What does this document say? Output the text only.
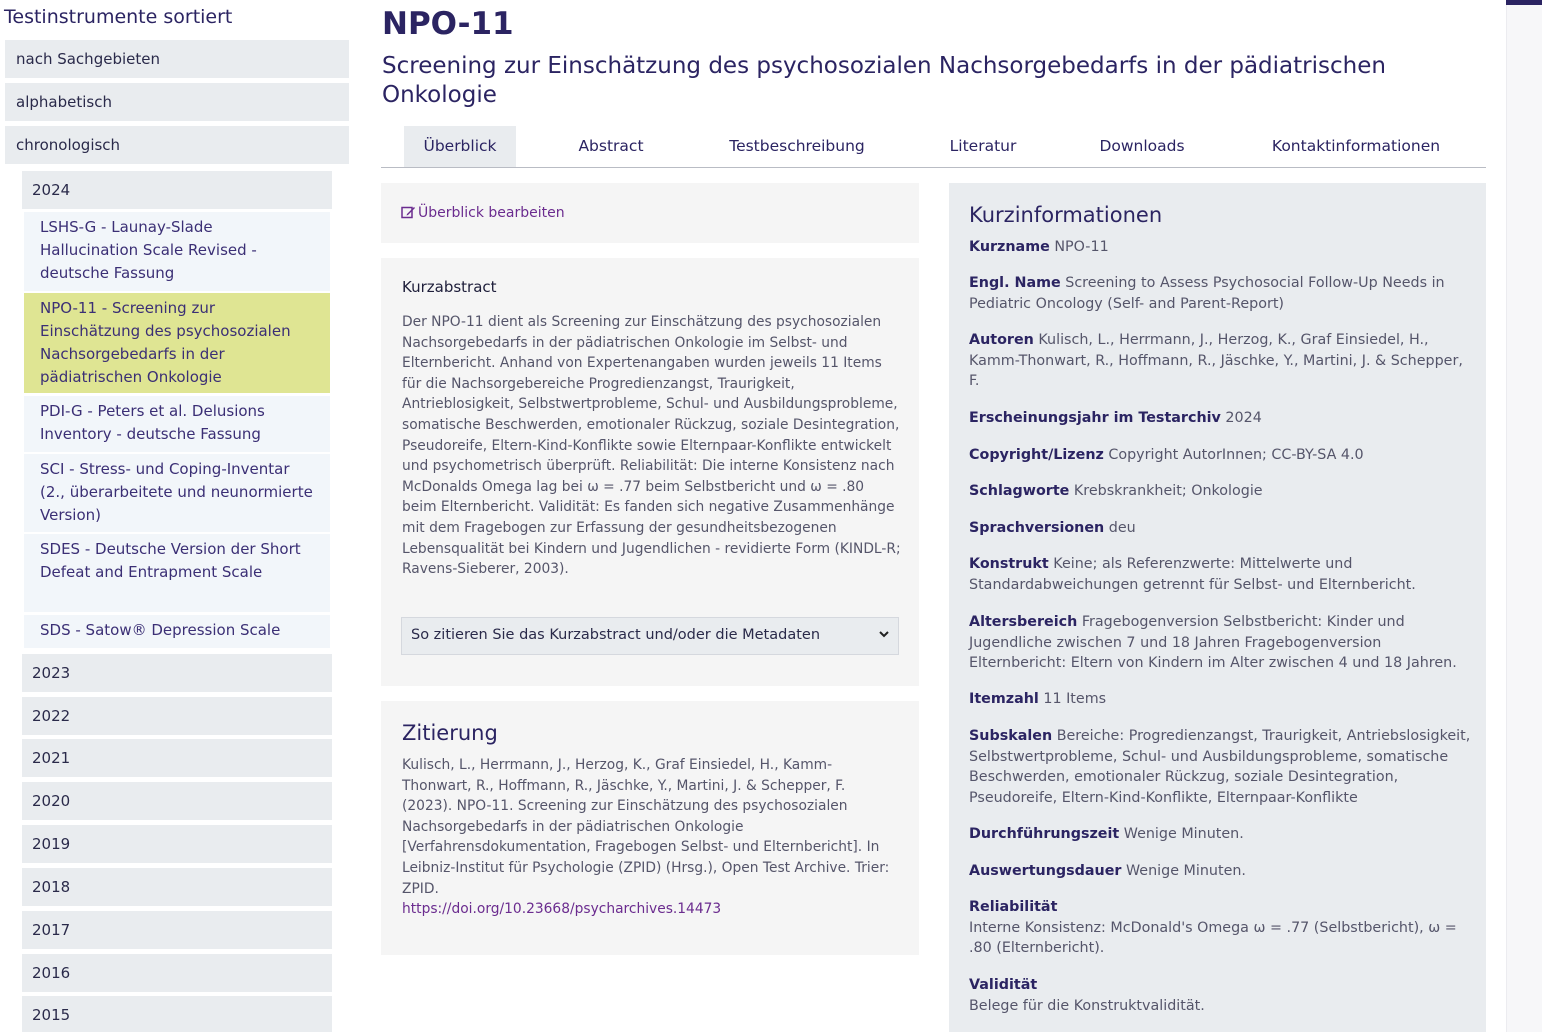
Testinstrumente sortiert
nach Sachgebieten
alphabetisch
chronologisch
2024
LSHS-G - Launay-Slade Hallucination Scale Revised - deutsche Fassung
NPO-11 - Screening zur Einschätzung des psychosozialen Nachsorgebedarfs in der pädiatrischen Onkologie
PDI-G - Peters et al. Delusions Inventory - deutsche Fassung
SCI - Stress- und Coping-Inventar (2., überarbeitete und neunormierte Version)
SDES - Deutsche Version der Short Defeat and Entrapment Scale
SDS - Satow® Depression Scale
2023
2022
2021
2020
2019
2018
2017
2016
2015
NPO-11
Screening zur Einschätzung des psychosozialen Nachsorgebedarfs in der pädiatrischen Onkologie
Überblick	Abstract	Testbeschreibung	Literatur	Downloads	Kontaktinformationen
Überblick bearbeiten
Kurzabstract

Der NPO-11 dient als Screening zur Einschätzung des psychosozialen Nachsorgebedarfs in der pädiatrischen Onkologie im Selbst- und Elternbericht. Anhand von Expertenangaben wurden jeweils 11 Items für die Nachsorgebereiche Progredienzangst, Traurigkeit, Antrieblosigkeit, Selbstwertprobleme, Schul- und Ausbildungsprobleme, somatische Beschwerden, emotionaler Rückzug, soziale Desintegration, Pseudoreife, Eltern-Kind-Konflikte sowie Elternpaar-Konflikte entwickelt und psychometrisch überprüft. Reliabilität: Die interne Konsistenz nach McDonalds Omega lag bei ω = .77 beim Selbstbericht und ω = .80 beim Elternbericht. Validität: Es fanden sich negative Zusammenhänge mit dem Fragebogen zur Erfassung der gesundheitsbezogenen Lebensqualität bei Kindern und Jugendlichen - revidierte Form (KINDL-R; Ravens-Sieberer, 2003).

So zitieren Sie das Kurzabstract und/oder die Metadaten
Zitierung

Kulisch, L., Herrmann, J., Herzog, K., Graf Einsiedel, H., Kamm-Thonwart, R., Hoffmann, R., Jäschke, Y., Martini, J. & Schepper, F. (2023). NPO-11. Screening zur Einschätzung des psychosozialen Nachsorgebedarfs in der pädiatrischen Onkologie [Verfahrensdokumentation, Fragebogen Selbst- und Elternbericht]. In Leibniz-Institut für Psychologie (ZPID) (Hrsg.), Open Test Archive. Trier: ZPID.
https://doi.org/10.23668/psycharchives.14473

Kurzinformationen

Kurzname NPO-11

Engl. Name Screening to Assess Psychosocial Follow-Up Needs in Pediatric Oncology (Self- and Parent-Report)

Autoren Kulisch, L., Herrmann, J., Herzog, K., Graf Einsiedel, H., Kamm-Thonwart, R., Hoffmann, R., Jäschke, Y., Martini, J. & Schepper, F.

Erscheinungsjahr im Testarchiv 2024

Copyright/Lizenz Copyright AutorInnen; CC-BY-SA 4.0

Schlagworte Krebskrankheit; Onkologie

Sprachversionen deu

Konstrukt Keine; als Referenzwerte: Mittelwerte und Standardabweichungen getrennt für Selbst- und Elternbericht.

Altersbereich Fragebogenversion Selbstbericht: Kinder und Jugendliche zwischen 7 und 18 Jahren Fragebogenversion Elternbericht: Eltern von Kindern im Alter zwischen 4 und 18 Jahren.

Itemzahl 11 Items

Subskalen Bereiche: Progredienzangst, Traurigkeit, Antriebslosigkeit, Selbstwertprobleme, Schul- und Ausbildungsprobleme, somatische Beschwerden, emotionaler Rückzug, soziale Desintegration, Pseudoreife, Eltern-Kind-Konflikte, Elternpaar-Konflikte

Durchführungszeit Wenige Minuten.

Auswertungsdauer Wenige Minuten.

Reliabilität
Interne Konsistenz: McDonald's Omega ω = .77 (Selbstbericht), ω = .80 (Elternbericht).

Validität
Belege für die Konstruktvalidität.
